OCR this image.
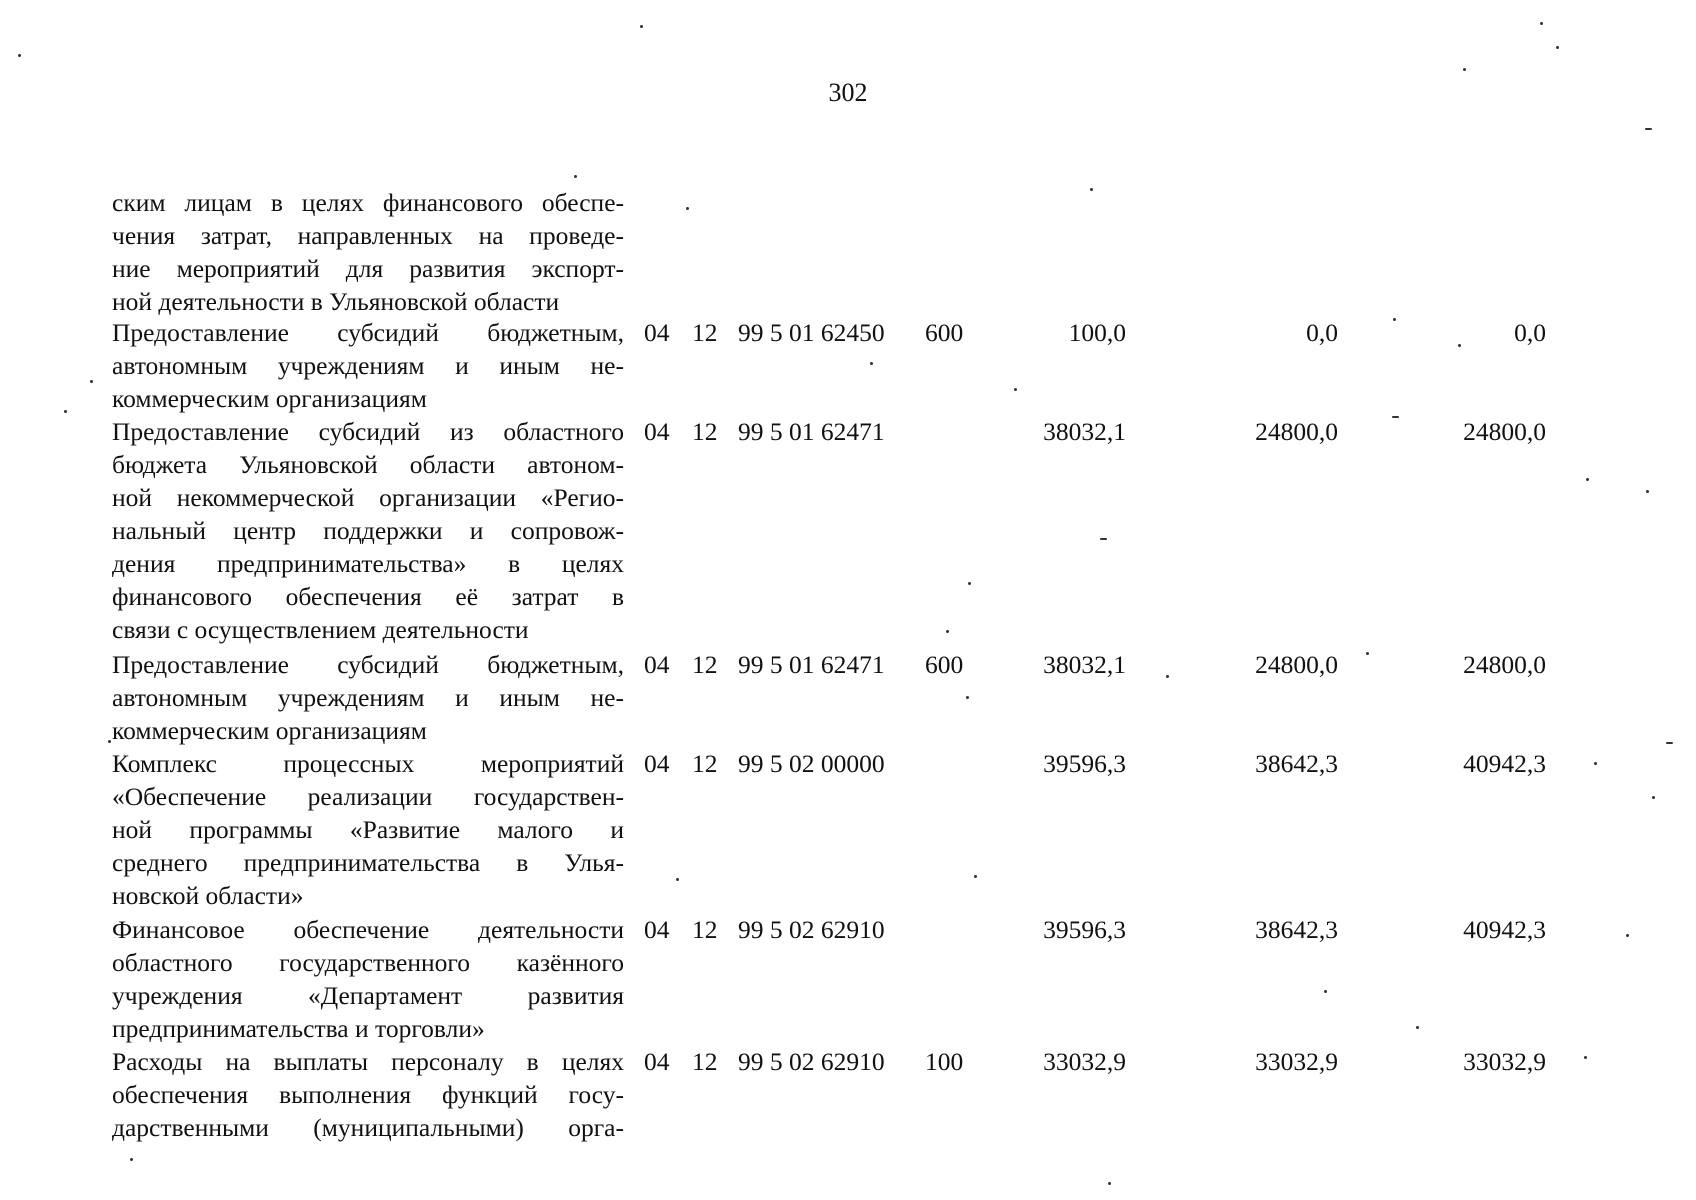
302
ским лицам в целях финансового обеспе-
чения затрат, направленных на проведе-
ние мероприятий для развития экспорт-
ной деятельности в Ульяновской области
Предоставление субсидий бюджетным,
автономным учреждениям и иным не-
коммерческим организациям
04 12 99 5 01 62450 600	100,0	0,0	0,0
Предоставление субсидий из областного
бюджета Ульяновской области автоном-
ной некоммерческой организации «Регио-
нальный центр поддержки и сопровож-
дения предпринимательства» в целях
финансового обеспечения её затрат в
связи с осуществлением деятельности
04 12 99 5 01 62471	38032,1	24800,0	24800,0
Предоставление субсидий бюджетным,
автономным учреждениям и иным не-
коммерческим организациям
04 12 99 5 01 62471 600	38032,1	24800,0	24800,0
Комплекс процессных мероприятий
«Обеспечение реализации государствен-
ной программы «Развитие малого и
среднего предпринимательства в Улья-
новской области»
04 12 99 5 02 00000	39596,3	38642,3	40942,3
Финансовое обеспечение деятельности
областного государственного казённого
учреждения «Департамент развития
предпринимательства и торговли»
04 12 99 5 02 62910	39596,3	38642,3	40942,3
Расходы на выплаты персоналу в целях
обеспечения выполнения функций госу-
дарственными (муниципальными) орга-
04 12 99 5 02 62910 100	33032,9	33032,9	33032,9
